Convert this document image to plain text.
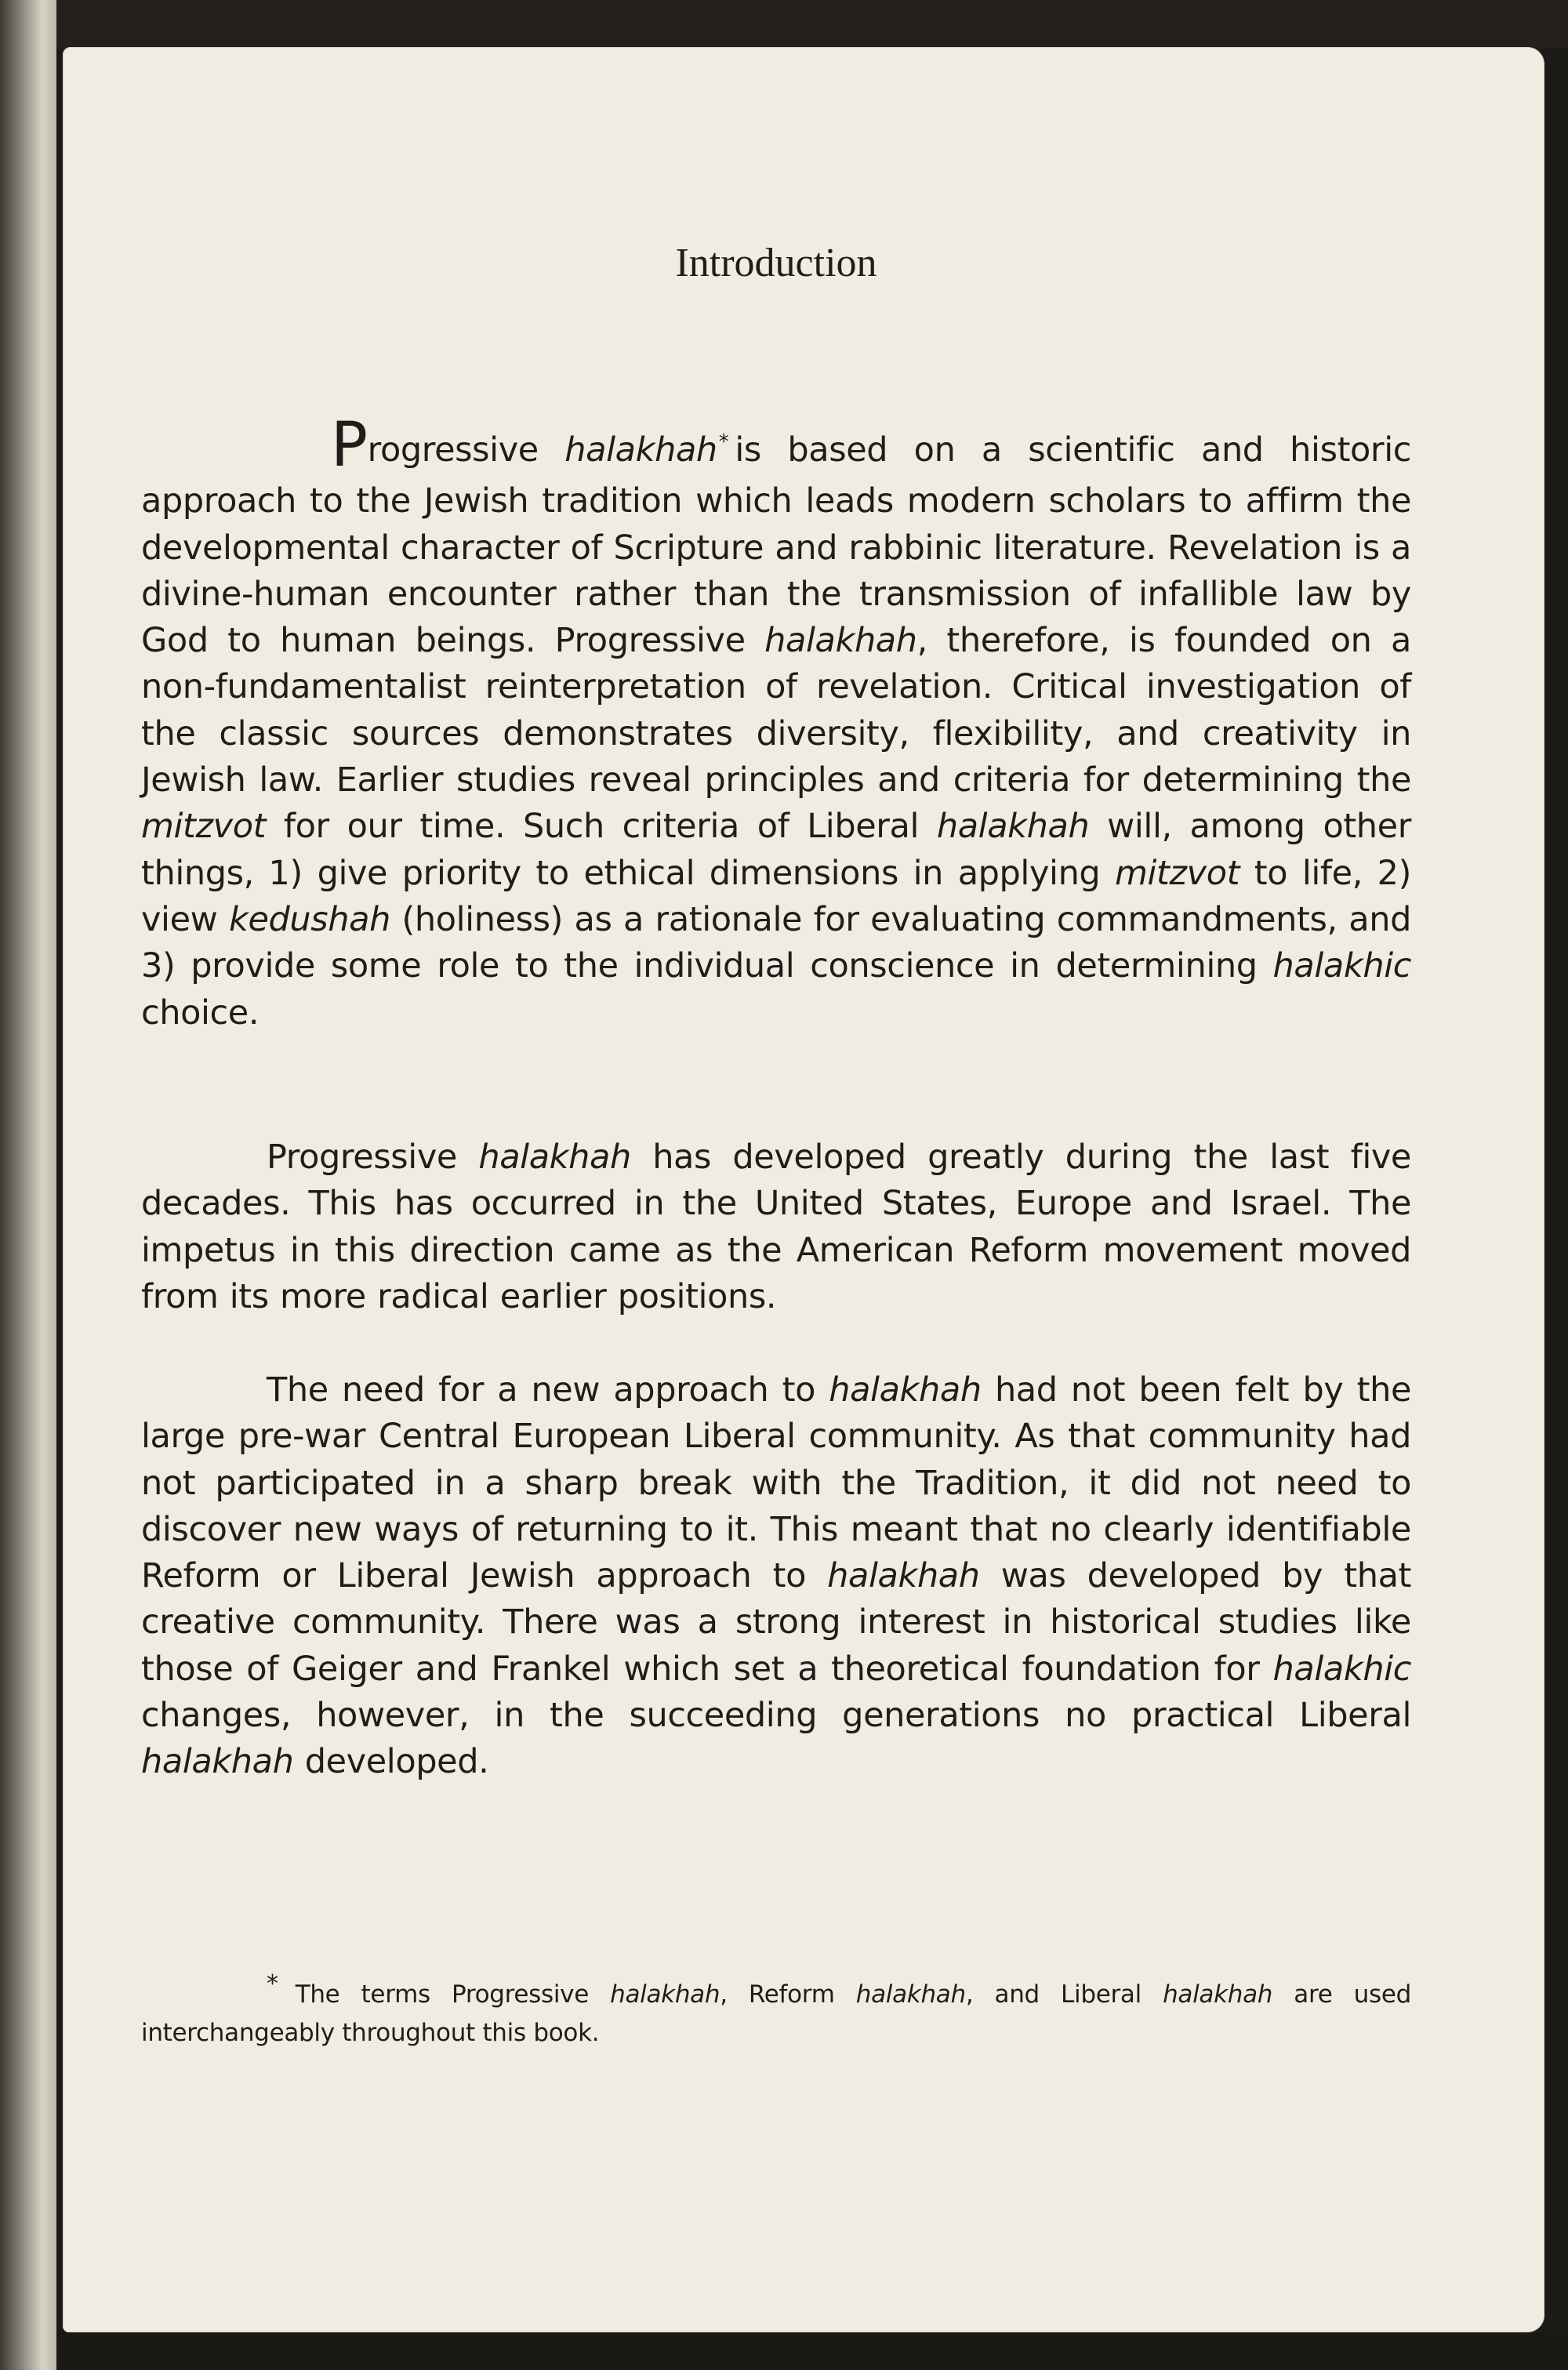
Introduction

Progressive halakhah* is based on a scientific and historic approach to the Jewish tradition which leads modern scholars to affirm the developmental character of Scripture and rabbinic literature. Revelation is a divine-human encounter rather than the transmission of infallible law by God to human beings. Progressive halakhah, therefore, is founded on a non-fundamentalist reinterpretation of revelation. Critical investigation of the classic sources demonstrates diversity, flexibility, and creativity in Jewish law. Earlier studies reveal principles and criteria for determining the mitzvot for our time. Such criteria of Liberal halakhah will, among other things, 1) give priority to ethical dimensions in applying mitzvot to life, 2) view kedushah (holiness) as a rationale for evaluating commandments, and 3) provide some role to the individual conscience in determining halakhic choice.

Progressive halakhah has developed greatly during the last five decades. This has occurred in the United States, Europe and Israel. The impetus in this direction came as the American Reform movement moved from its more radical earlier positions.

The need for a new approach to halakhah had not been felt by the large pre-war Central European Liberal community. As that community had not participated in a sharp break with the Tradition, it did not need to discover new ways of returning to it. This meant that no clearly identifiable Reform or Liberal Jewish approach to halakhah was developed by that creative community. There was a strong interest in historical studies like those of Geiger and Frankel which set a theoretical foundation for halakhic changes, however, in the succeeding generations no practical Liberal halakhah developed.

* The terms Progressive halakhah, Reform halakhah, and Liberal halakhah are used interchangeably throughout this book.
